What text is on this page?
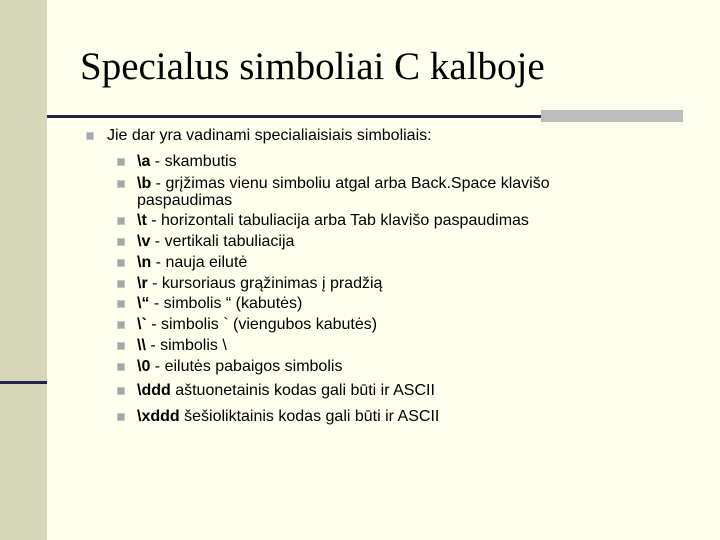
Specialus simboliai C kalboje
Jie dar yra vadinami specialiaisiais simboliais:
\a - skambutis
\b - grįžimas vienu simboliu atgal arba Back.Space klavišo
paspaudimas
\t - horizontali tabuliacija arba Tab klavišo paspaudimas
\v - vertikali tabuliacija
\n - nauja eilutė
\r - kursoriaus grąžinimas į pradžią
\“ - simbolis “ (kabutės)
\` - simbolis ` (viengubos kabutės)
\\ - simbolis \
\0 - eilutės pabaigos simbolis
\ddd aštuonetainis kodas gali būti ir ASCII
\xddd šešioliktainis kodas gali būti ir ASCII
